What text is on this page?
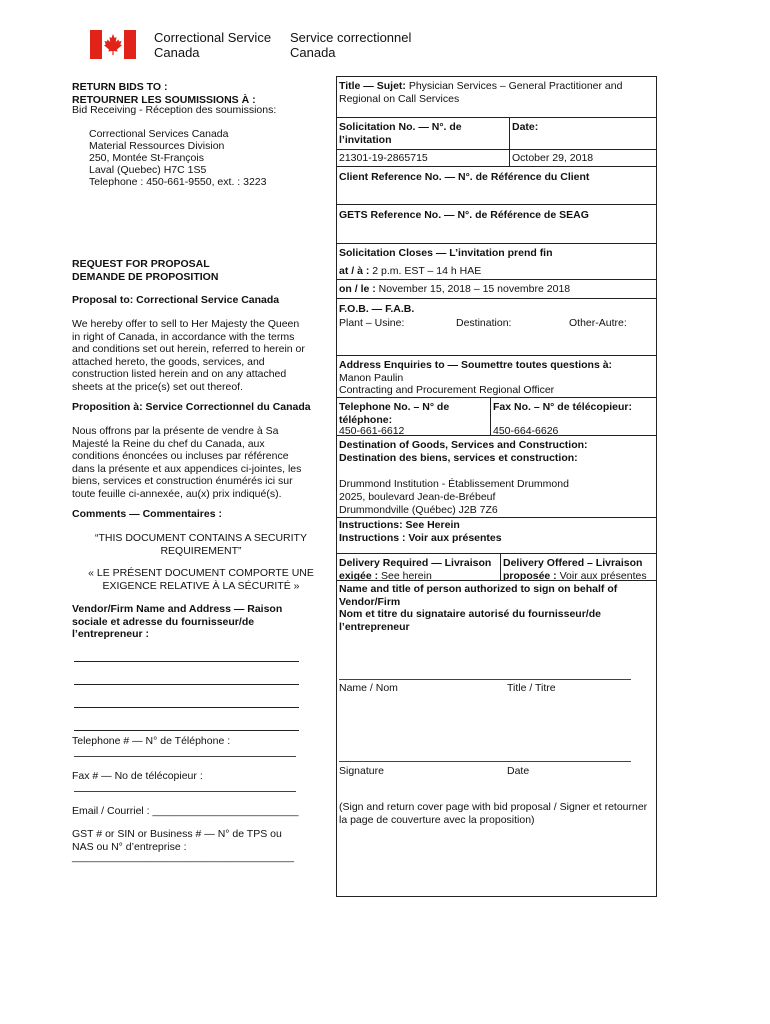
Correctional Service
Canada
Service correctionnel
Canada
RETURN BIDS TO :
RETOURNER LES SOUMISSIONS À :
Bid Receiving - Réception des soumissions:
Correctional Services Canada
Material Ressources Division
250, Montée St-François
Laval (Quebec) H7C 1S5
Telephone : 450-661-9550, ext. : 3223
REQUEST FOR PROPOSAL
DEMANDE DE PROPOSITION
Proposal to: Correctional Service Canada
We hereby offer to sell to Her Majesty the Queen in right of Canada, in accordance with the terms and conditions set out herein, referred to herein or attached hereto, the goods, services, and construction listed herein and on any attached sheets at the price(s) set out thereof.
Proposition à: Service Correctionnel du Canada
Nous offrons par la présente de vendre à Sa Majesté la Reine du chef du Canada, aux conditions énoncées ou incluses par référence dans la présente et aux appendices ci-jointes, les biens, services et construction énumérés ici sur toute feuille ci-annexée, au(x) prix indiqué(s).
Comments — Commentaires :
“THIS DOCUMENT CONTAINS A SECURITY REQUIREMENT”
« LE PRÉSENT DOCUMENT COMPORTE UNE EXIGENCE RELATIVE À LA SÉCURITÉ »
Vendor/Firm Name and Address — Raison sociale et adresse du fournisseur/de l’entrepreneur :
Telephone # — N° de Téléphone :
Fax # — No de télécopieur :
Email / Courriel : _________________________
GST # or SIN or Business # — N° de TPS ou NAS ou N° d’entreprise :
______________________________________
Title — Sujet: Physician Services – General Practitioner and Regional on Call Services
Solicitation No. — N°. de l’invitation
Date:
21301-19-2865715	October 29, 2018
Client Reference No. — N°. de Référence du Client
GETS Reference No. — N°. de Référence de SEAG
Solicitation Closes — L’invitation prend fin
at / à : 2 p.m. EST – 14 h HAE
on / le : November 15, 2018 – 15 novembre 2018
F.O.B. — F.A.B.
Plant – Usine:	Destination:	Other-Autre:
Address Enquiries to — Soumettre toutes questions à:
Manon Paulin
Contracting and Procurement Regional Officer
Telephone No. – N° de téléphone:
Fax No. – N° de télécopieur:
450-661-6612	450-664-6626
Destination of Goods, Services and Construction:
Destination des biens, services et construction:
Drummond Institution - Établissement Drummond
2025, boulevard Jean-de-Brébeuf
Drummondville (Québec) J2B 7Z6
Instructions: See Herein
Instructions : Voir aux présentes
Delivery Required — Livraison exigée : See herein
Delivery Offered – Livraison proposée : Voir aux présentes
Name and title of person authorized to sign on behalf of Vendor/Firm
Nom et titre du signataire autorisé du fournisseur/de l’entrepreneur
Name / Nom	Title / Titre
Signature	Date
(Sign and return cover page with bid proposal / Signer et retourner la page de couverture avec la proposition)
